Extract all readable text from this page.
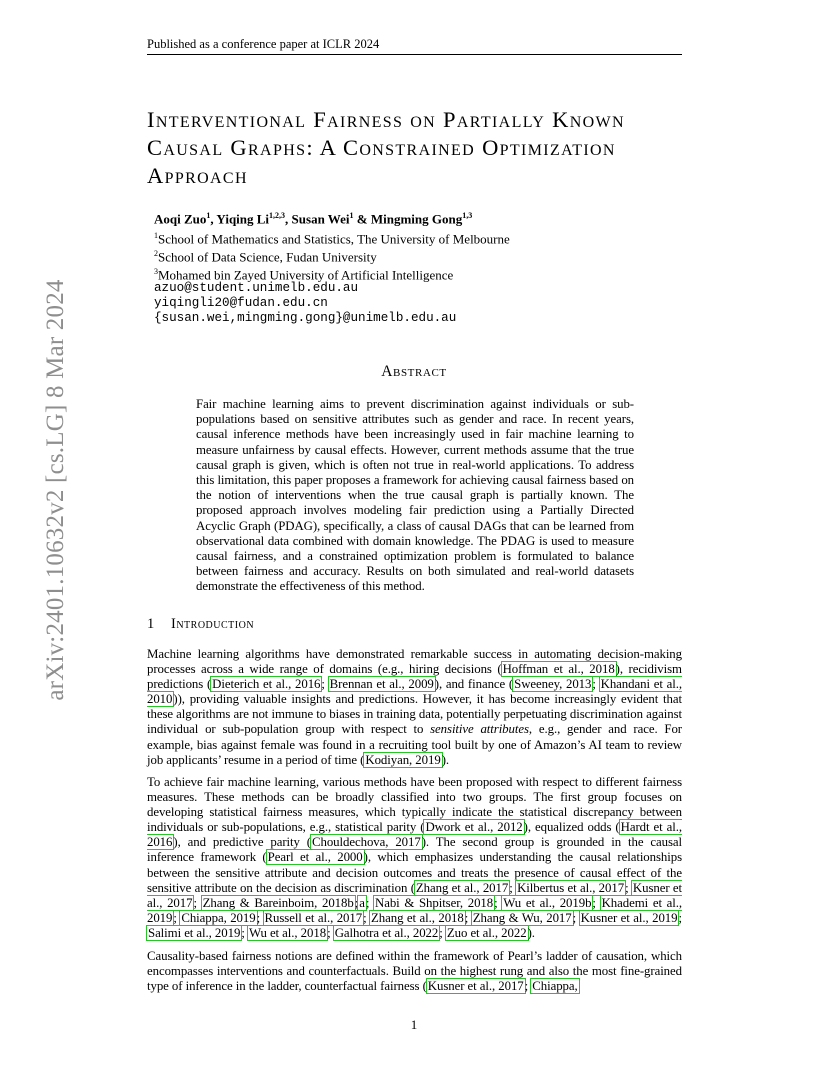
Published as a conference paper at ICLR 2024
arXiv:2401.10632v2 [cs.LG] 8 Mar 2024
Interventional Fairness on Partially Known
Causal Graphs: A Constrained Optimization
Approach
Aoqi Zuo$^1$, Yiqing Li$^{1,2,3}$, Susan Wei$^1$ & Mingming Gong$^{1,3}$
$^1$School of Mathematics and Statistics, The University of Melbourne
$^2$School of Data Science, Fudan University
$^3$Mohamed bin Zayed University of Artificial Intelligence
azuo@student.unimelb.edu.au
yiqingli20@fudan.edu.cn
{susan.wei,mingming.gong}@unimelb.edu.au
Abstract

Fair machine learning aims to prevent discrimination against individuals or sub-populations based on sensitive attributes such as gender and race. In recent years, causal inference methods have been increasingly used in fair machine learning to measure unfairness by causal effects. However, current methods assume that the true causal graph is given, which is often not true in real-world applications. To address this limitation, this paper proposes a framework for achieving causal fairness based on the notion of interventions when the true causal graph is partially known. The proposed approach involves modeling fair prediction using a Partially Directed Acyclic Graph (PDAG), specifically, a class of causal DAGs that can be learned from observational data combined with domain knowledge. The PDAG is used to measure causal fairness, and a constrained optimization problem is formulated to balance between fairness and accuracy. Results on both simulated and real-world datasets demonstrate the effectiveness of this method.

1 Introduction

Machine learning algorithms have demonstrated remarkable success in automating decision-making processes across a wide range of domains (e.g., hiring decisions (Hoffman et al., 2018), recidivism predictions (Dieterich et al., 2016; Brennan et al., 2009), and finance (Sweeney, 2013; Khandani et al., 2010)), providing valuable insights and predictions. However, it has become increasingly evident that these algorithms are not immune to biases in training data, potentially perpetuating discrimination against individual or sub-population group with respect to sensitive attributes, e.g., gender and race. For example, bias against female was found in a recruiting tool built by one of Amazon’s AI team to review job applicants’ resume in a period of time (Kodiyan, 2019).

To achieve fair machine learning, various methods have been proposed with respect to different fairness measures. These methods can be broadly classified into two groups. The first group focuses on developing statistical fairness measures, which typically indicate the statistical discrepancy between individuals or sub-populations, e.g., statistical parity (Dwork et al., 2012), equalized odds (Hardt et al., 2016), and predictive parity (Chouldechova, 2017). The second group is grounded in the causal inference framework (Pearl et al., 2000), which emphasizes understanding the causal relationships between the sensitive attribute and decision outcomes and treats the presence of causal effect of the sensitive attribute on the decision as discrimination (Zhang et al., 2017; Kilbertus et al., 2017; Kusner et al., 2017; Zhang & Bareinboim, 2018b;a; Nabi & Shpitser, 2018; Wu et al., 2019b; Khademi et al., 2019; Chiappa, 2019; Russell et al., 2017; Zhang et al., 2018; Zhang & Wu, 2017; Kusner et al., 2019; Salimi et al., 2019; Wu et al., 2018; Galhotra et al., 2022; Zuo et al., 2022).

Causality-based fairness notions are defined within the framework of Pearl’s ladder of causation, which encompasses interventions and counterfactuals. Build on the highest rung and also the most fine-grained type of inference in the ladder, counterfactual fairness (Kusner et al., 2017; Chiappa,

1
